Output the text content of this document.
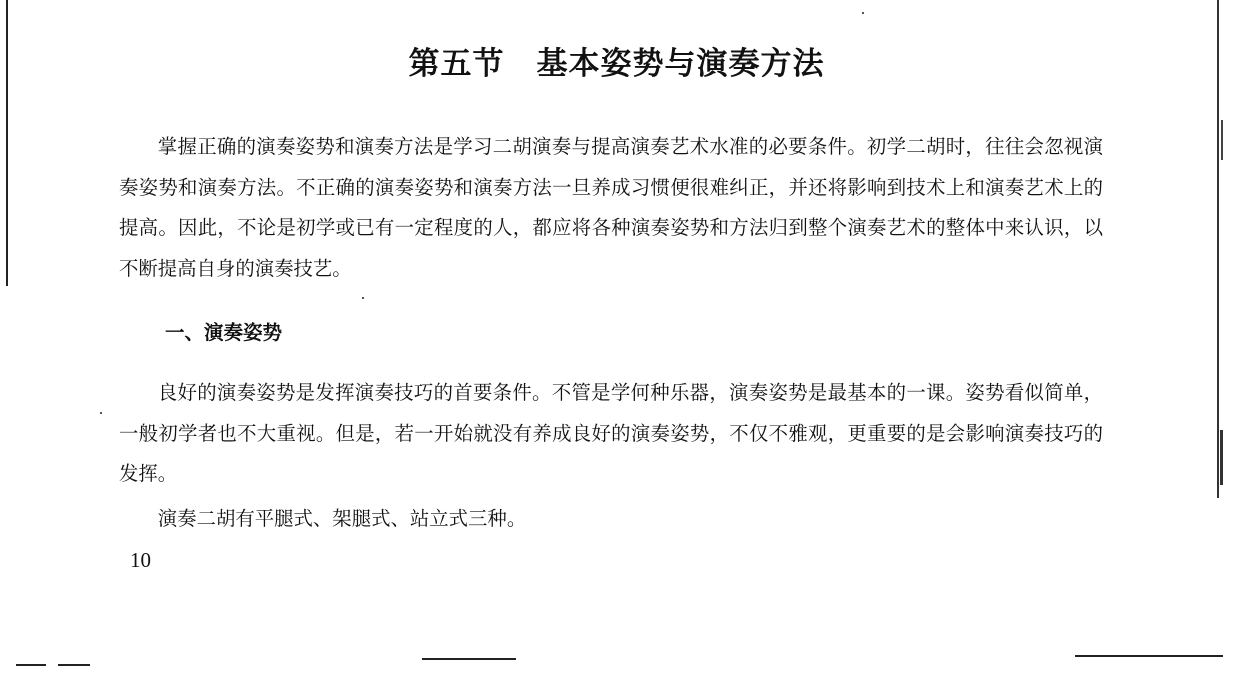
第五节　基本姿势与演奏方法

掌握正确的演奏姿势和演奏方法是学习二胡演奏与提高演奏艺术水准的必要条件。初学二胡时，往往会忽视演奏姿势和演奏方法。不正确的演奏姿势和演奏方法一旦养成习惯便很难纠正，并还将影响到技术上和演奏艺术上的提高。因此，不论是初学或已有一定程度的人，都应将各种演奏姿势和方法归到整个演奏艺术的整体中来认识，以不断提高自身的演奏技艺。

一、演奏姿势

良好的演奏姿势是发挥演奏技巧的首要条件。不管是学何种乐器，演奏姿势是最基本的一课。姿势看似简单，一般初学者也不大重视。但是，若一开始就没有养成良好的演奏姿势，不仅不雅观，更重要的是会影响演奏技巧的发挥。

演奏二胡有平腿式、架腿式、站立式三种。

10
